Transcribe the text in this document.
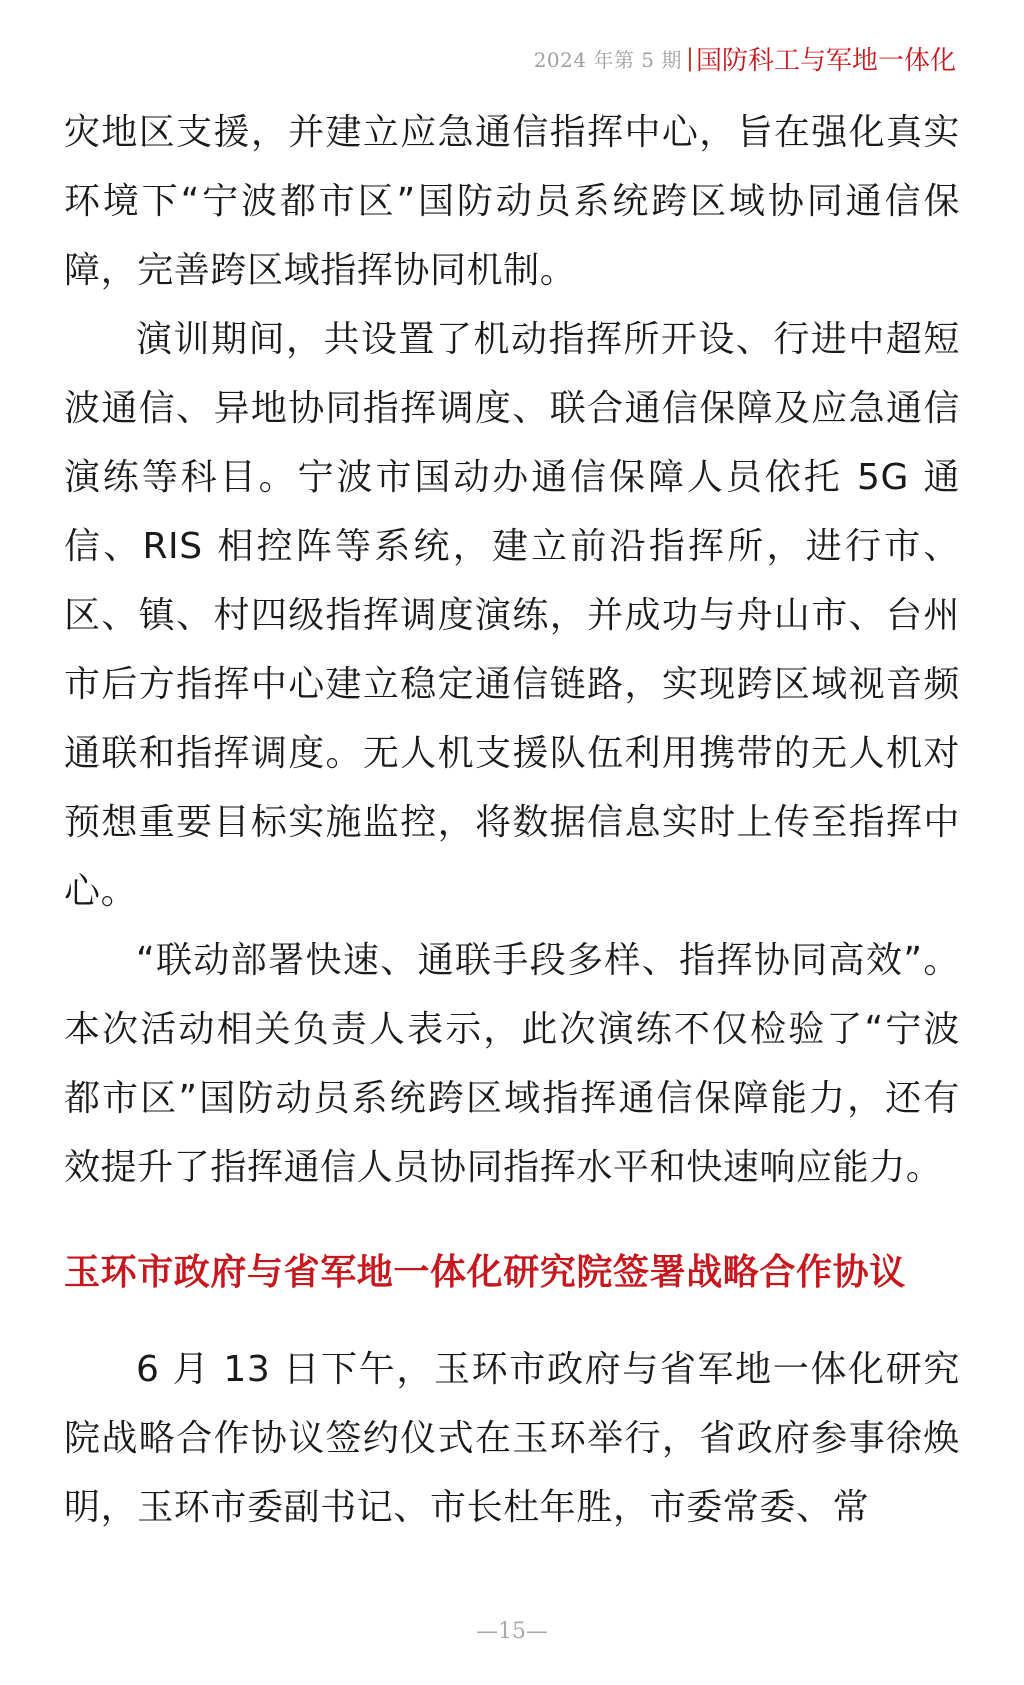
2024 年第 5 期 | 国防科工与军地一体化

灾地区支援，并建立应急通信指挥中心，旨在强化真实环境下“宁波都市区”国防动员系统跨区域协同通信保障，完善跨区域指挥协同机制。

演训期间，共设置了机动指挥所开设、行进中超短波通信、异地协同指挥调度、联合通信保障及应急通信演练等科目。宁波市国动办通信保障人员依托 5G 通信、RIS 相控阵等系统，建立前沿指挥所，进行市、区、镇、村四级指挥调度演练，并成功与舟山市、台州市后方指挥中心建立稳定通信链路，实现跨区域视音频通联和指挥调度。无人机支援队伍利用携带的无人机对预想重要目标实施监控，将数据信息实时上传至指挥中心。

“联动部署快速、通联手段多样、指挥协同高效”。本次活动相关负责人表示，此次演练不仅检验了“宁波都市区”国防动员系统跨区域指挥通信保障能力，还有效提升了指挥通信人员协同指挥水平和快速响应能力。

玉环市政府与省军地一体化研究院签署战略合作协议

6 月 13 日下午，玉环市政府与省军地一体化研究院战略合作协议签约仪式在玉环举行，省政府参事徐焕明，玉环市委副书记、市长杜年胜，市委常委、常

—15—
